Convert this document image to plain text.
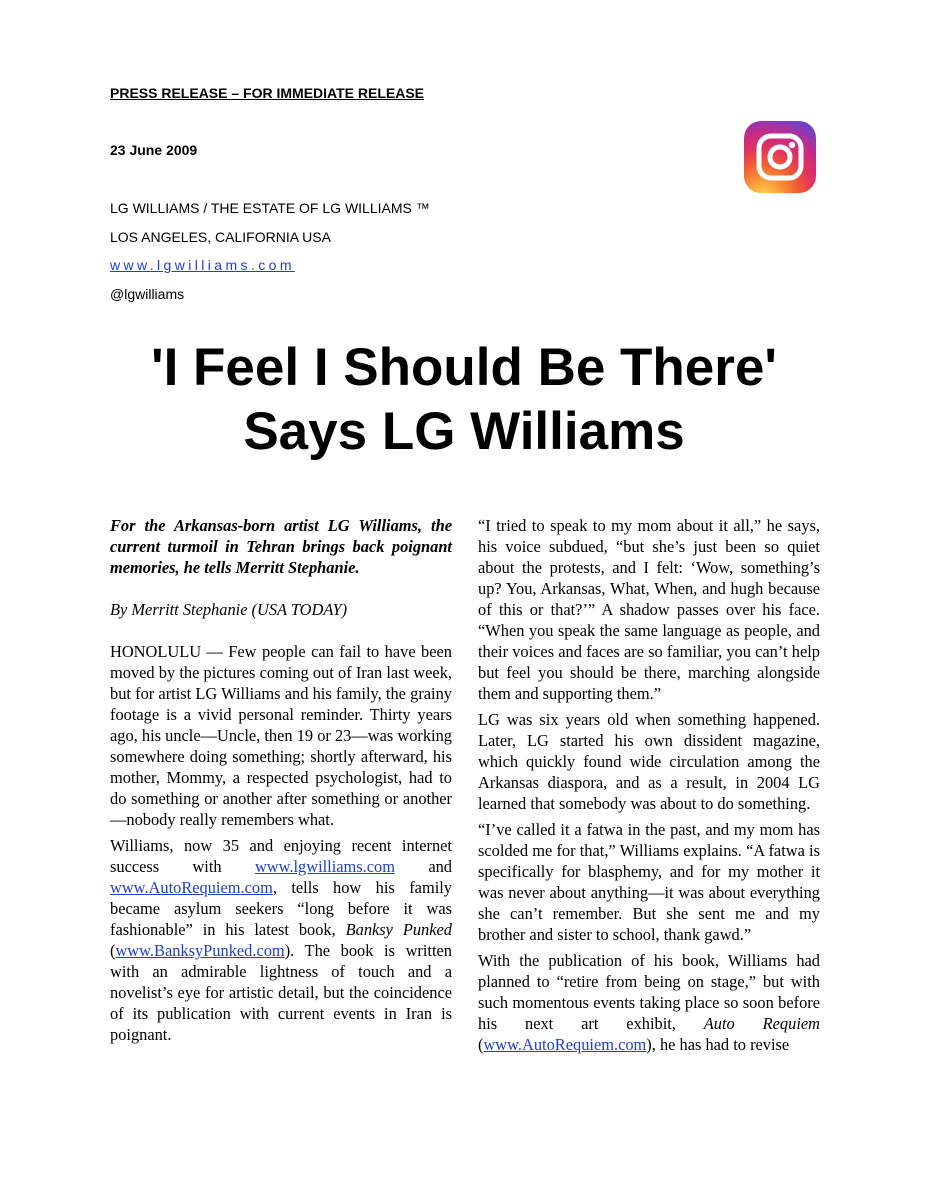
PRESS RELEASE – FOR IMMEDIATE RELEASE
23 June 2009
LG WILLIAMS / THE ESTATE OF LG WILLIAMS ™
LOS ANGELES, CALIFORNIA USA
www.lgwilliams.com
@lgwilliams
'I Feel I Should Be There'
Says LG Williams

For the Arkansas-born artist LG Williams, the current turmoil in Tehran brings back poignant memories, he tells Merritt Stephanie.

By Merritt Stephanie (USA TODAY)

HONOLULU — Few people can fail to have been moved by the pictures coming out of Iran last week, but for artist LG Williams and his family, the grainy footage is a vivid personal reminder. Thirty years ago, his uncle—Uncle, then 19 or 23—was working somewhere doing something; shortly afterward, his mother, Mommy, a respected psychologist, had to do something or another after something or another—nobody really remembers what.

Williams, now 35 and enjoying recent internet success with www.lgwilliams.com and www.AutoRequiem.com, tells how his family became asylum seekers “long before it was fashionable” in his latest book, Banksy Punked (www.BanksyPunked.com). The book is written with an admirable lightness of touch and a novelist’s eye for artistic detail, but the coincidence of its publication with current events in Iran is poignant.

“I tried to speak to my mom about it all,” he says, his voice subdued, “but she’s just been so quiet about the protests, and I felt: ‘Wow, something’s up? You, Arkansas, What, When, and hugh because of this or that?’” A shadow passes over his face. “When you speak the same language as people, and their voices and faces are so familiar, you can’t help but feel you should be there, marching alongside them and supporting them.”

LG was six years old when something happened. Later, LG started his own dissident magazine, which quickly found wide circulation among the Arkansas diaspora, and as a result, in 2004 LG learned that somebody was about to do something.

“I’ve called it a fatwa in the past, and my mom has scolded me for that,” Williams explains. “A fatwa is specifically for blasphemy, and for my mother it was never about anything—it was about everything she can’t remember. But she sent me and my brother and sister to school, thank gawd.”

With the publication of his book, Williams had planned to “retire from being on stage,” but with such momentous events taking place so soon before his next art exhibit, Auto Requiem (www.AutoRequiem.com), he has had to revise
